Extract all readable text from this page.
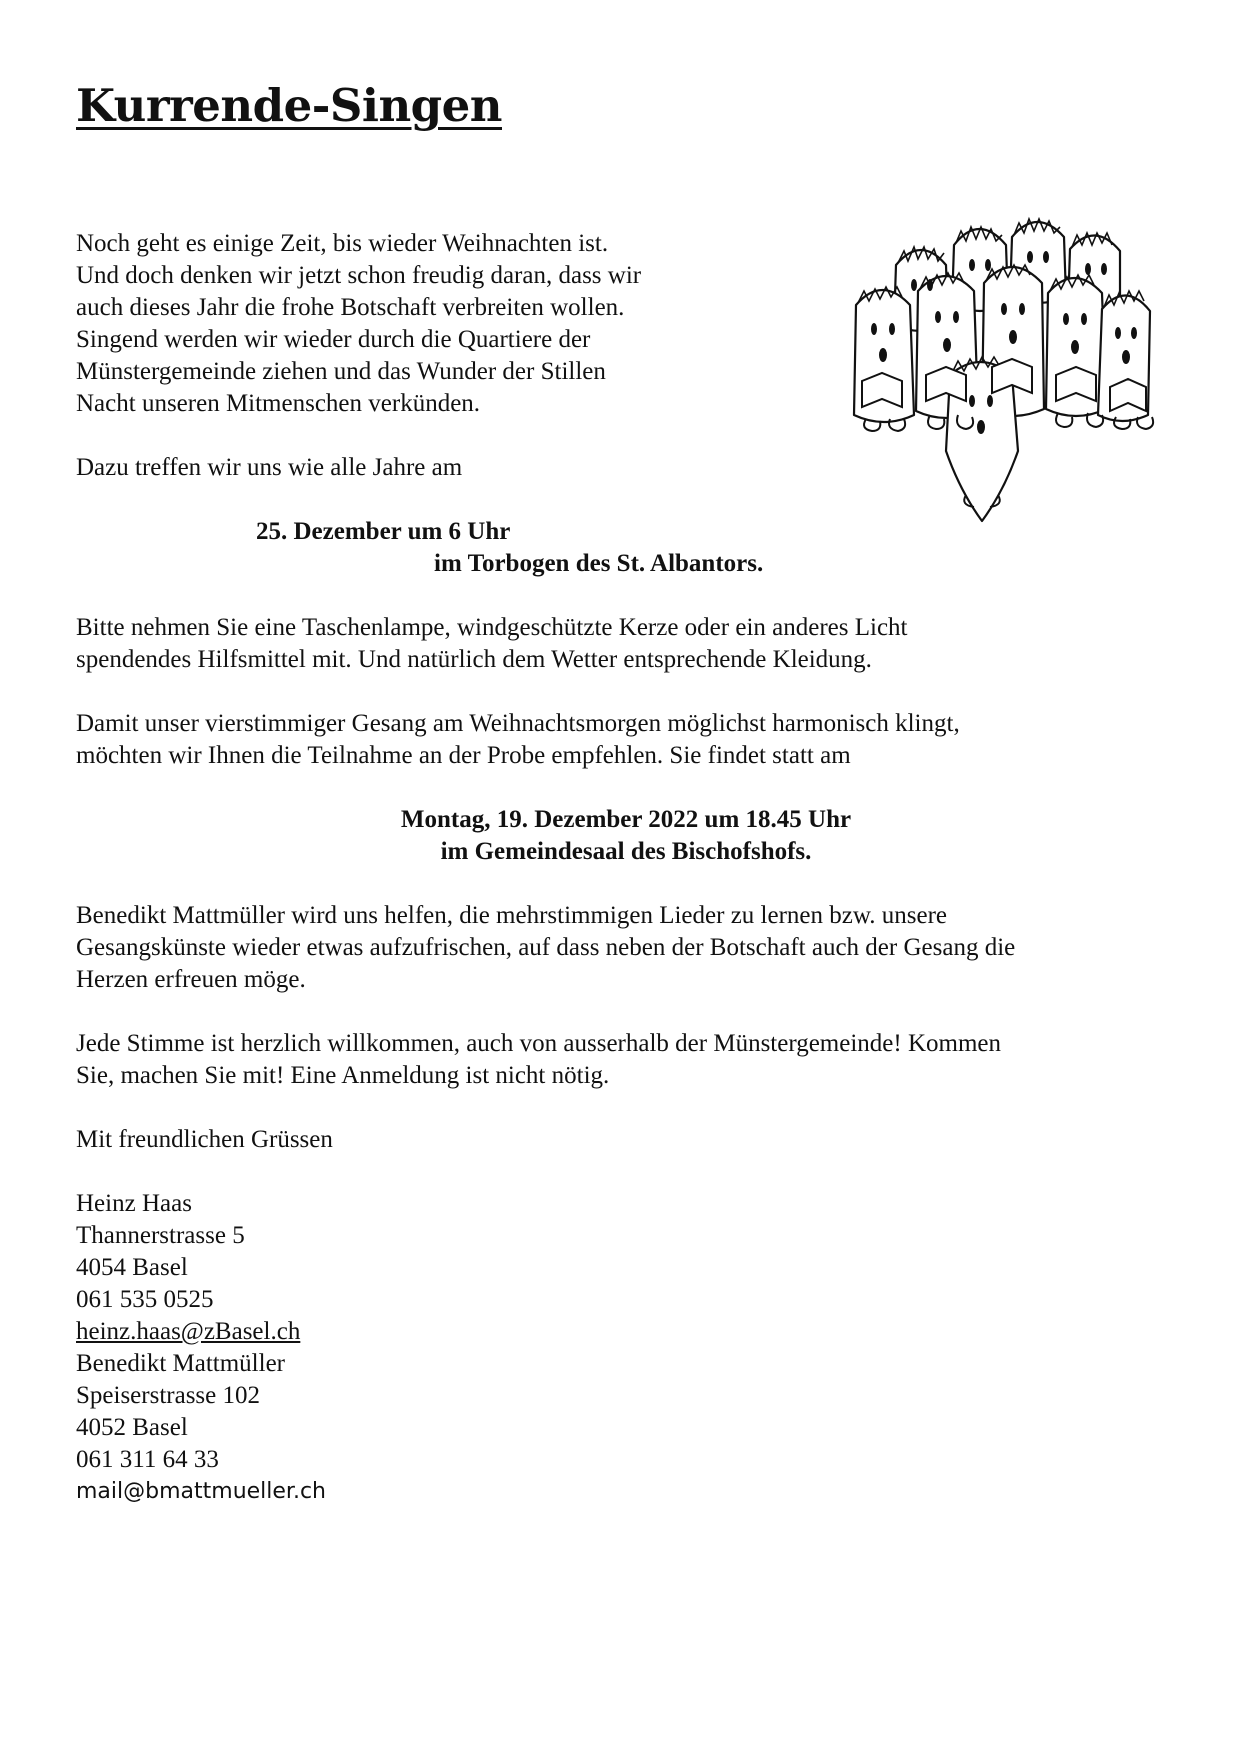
Kurrende-Singen

Noch geht es einige Zeit, bis wieder Weihnachten ist.
Und doch denken wir jetzt schon freudig daran, dass wir
auch dieses Jahr die frohe Botschaft verbreiten wollen.
Singend werden wir wieder durch die Quartiere der
Münstergemeinde ziehen und das Wunder der Stillen
Nacht unseren Mitmenschen verkünden.

Dazu treffen wir uns wie alle Jahre am

25. Dezember um 6 Uhr

im Torbogen des St. Albantors.

Bitte nehmen Sie eine Taschenlampe, windgeschützte Kerze oder ein anderes Licht
spendendes Hilfsmittel mit. Und natürlich dem Wetter entsprechende Kleidung.

Damit unser vierstimmiger Gesang am Weihnachtsmorgen möglichst harmonisch klingt,
möchten wir Ihnen die Teilnahme an der Probe empfehlen. Sie findet statt am

Montag, 19. Dezember 2022 um 18.45 Uhr
im Gemeindesaal des Bischofshofs.

Benedikt Mattmüller wird uns helfen, die mehrstimmigen Lieder zu lernen bzw. unsere
Gesangskünste wieder etwas aufzufrischen, auf dass neben der Botschaft auch der Gesang die
Herzen erfreuen möge.

Jede Stimme ist herzlich willkommen, auch von ausserhalb der Münstergemeinde! Kommen
Sie, machen Sie mit! Eine Anmeldung ist nicht nötig.

Mit freundlichen Grüssen

Heinz Haas
Thannerstrasse 5
4054 Basel
061 535 0525
heinz.haas@zBasel.ch
Benedikt Mattmüller
Speiserstrasse 102
4052 Basel
061 311 64 33
mail@bmattmueller.ch
